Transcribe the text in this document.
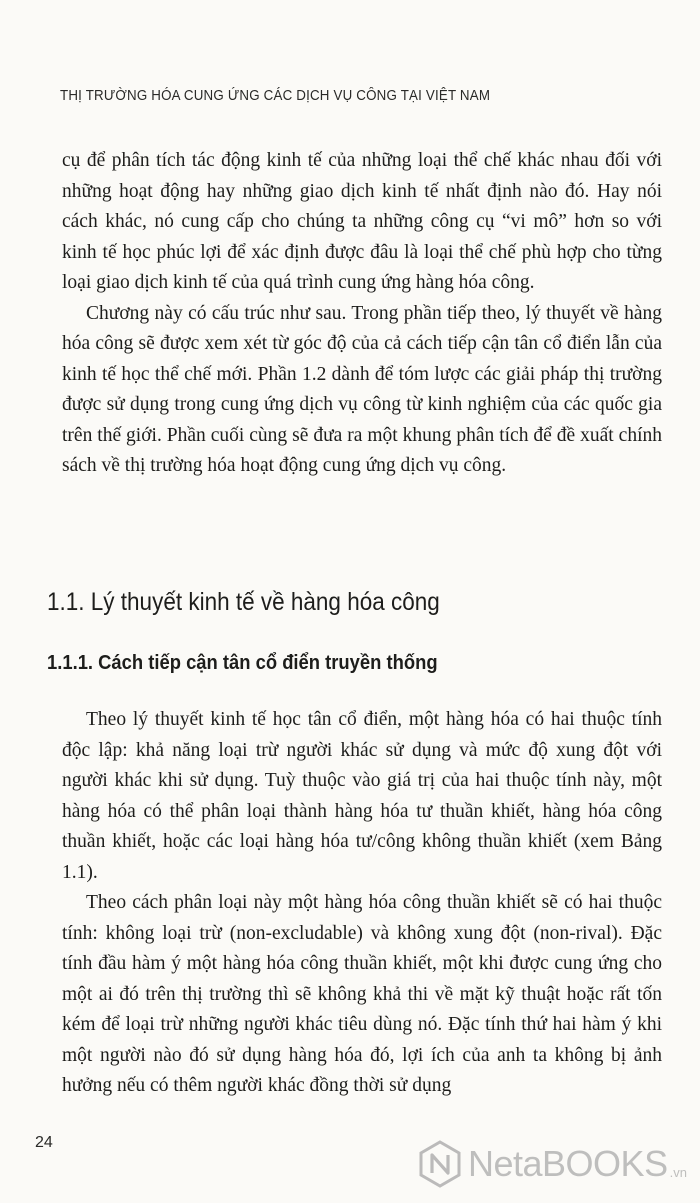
THỊ TRƯỜNG HÓA CUNG ỨNG CÁC DỊCH VỤ CÔNG TẠI VIỆT NAM

cụ để phân tích tác động kinh tế của những loại thể chế khác nhau đối với những hoạt động hay những giao dịch kinh tế nhất định nào đó. Hay nói cách khác, nó cung cấp cho chúng ta những công cụ “vi mô” hơn so với kinh tế học phúc lợi để xác định được đâu là loại thể chế phù hợp cho từng loại giao dịch kinh tế của quá trình cung ứng hàng hóa công.

Chương này có cấu trúc như sau. Trong phần tiếp theo, lý thuyết về hàng hóa công sẽ được xem xét từ góc độ của cả cách tiếp cận tân cổ điển lẫn của kinh tế học thể chế mới. Phần 1.2 dành để tóm lược các giải pháp thị trường được sử dụng trong cung ứng dịch vụ công từ kinh nghiệm của các quốc gia trên thế giới. Phần cuối cùng sẽ đưa ra một khung phân tích để đề xuất chính sách về thị trường hóa hoạt động cung ứng dịch vụ công.

1.1. Lý thuyết kinh tế về hàng hóa công
1.1.1. Cách tiếp cận tân cổ điển truyền thống

Theo lý thuyết kinh tế học tân cổ điển, một hàng hóa có hai thuộc tính độc lập: khả năng loại trừ người khác sử dụng và mức độ xung đột với người khác khi sử dụng. Tuỳ thuộc vào giá trị của hai thuộc tính này, một hàng hóa có thể phân loại thành hàng hóa tư thuần khiết, hàng hóa công thuần khiết, hoặc các loại hàng hóa tư/công không thuần khiết (xem Bảng 1.1).

Theo cách phân loại này một hàng hóa công thuần khiết sẽ có hai thuộc tính: không loại trừ (non-excludable) và không xung đột (non-rival). Đặc tính đầu hàm ý một hàng hóa công thuần khiết, một khi được cung ứng cho một ai đó trên thị trường thì sẽ không khả thi về mặt kỹ thuật hoặc rất tốn kém để loại trừ những người khác tiêu dùng nó. Đặc tính thứ hai hàm ý khi một người nào đó sử dụng hàng hóa đó, lợi ích của anh ta không bị ảnh hưởng nếu có thêm người khác đồng thời sử dụng

24
NetaBOOKS .vn
